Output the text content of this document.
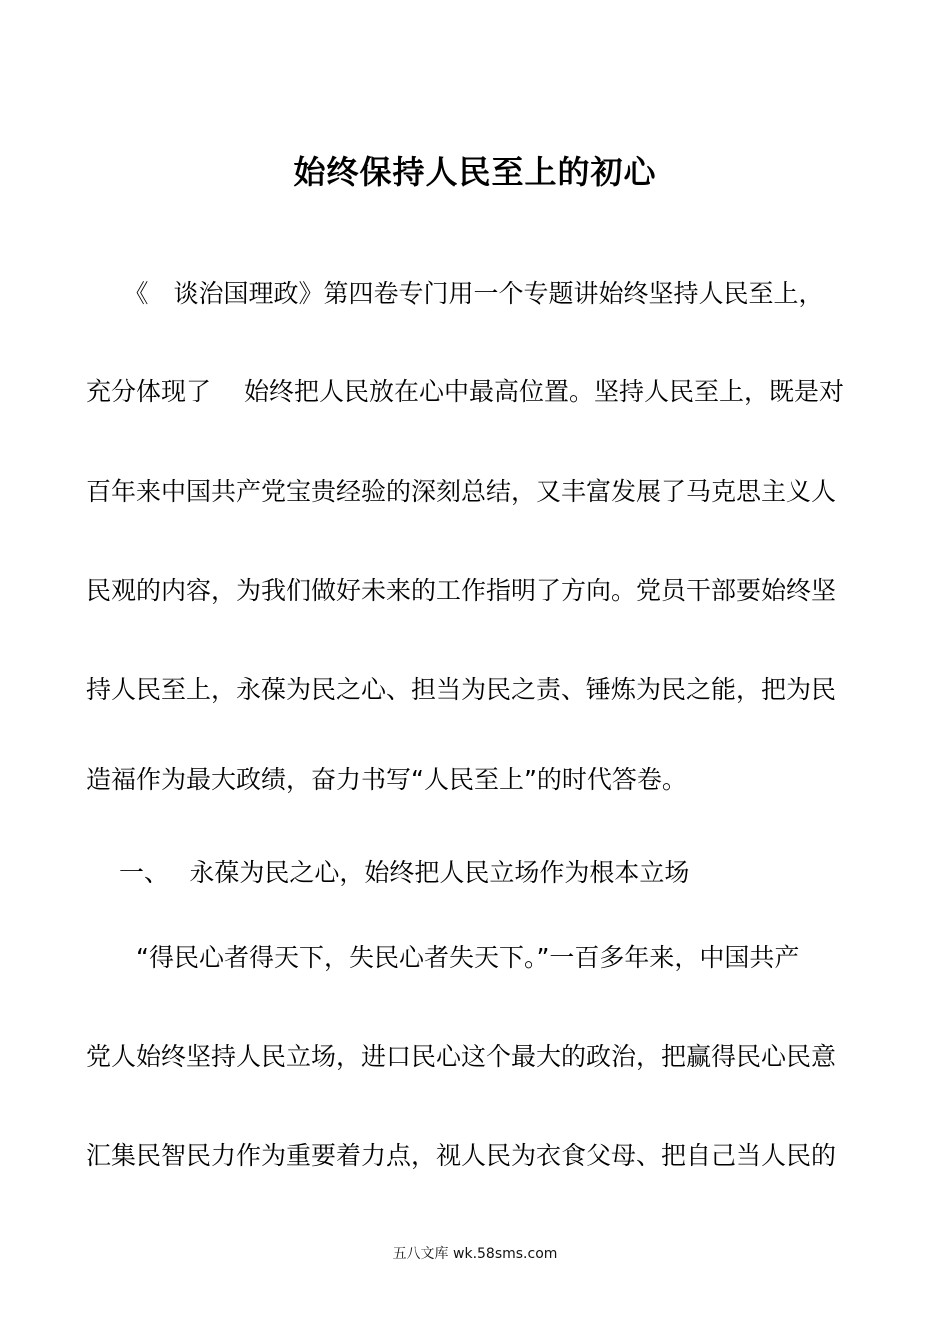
始终保持人民至上的初心
　　《　谈治国理政》第四卷专门用一个专题讲始终坚持人民至上，
充分体现了　 始终把人民放在心中最高位置。坚持人民至上，既是对
百年来中国共产党宝贵经验的深刻总结，又丰富发展了马克思主义人
民观的内容，为我们做好未来的工作指明了方向。党员干部要始终坚
持人民至上，永葆为民之心、担当为民之责、锤炼为民之能，把为民
造福作为最大政绩，奋力书写“人民至上”的时代答卷。
　 一、　 永葆为民之心，始终把人民立场作为根本立场
　　“得民心者得天下，失民心者失天下。”一百多年来，中国共产
党人始终坚持人民立场，进口民心这个最大的政治，把赢得民心民意
汇集民智民力作为重要着力点，视人民为衣食父母、把自己当人民的
五八文库 wk.58sms.com
